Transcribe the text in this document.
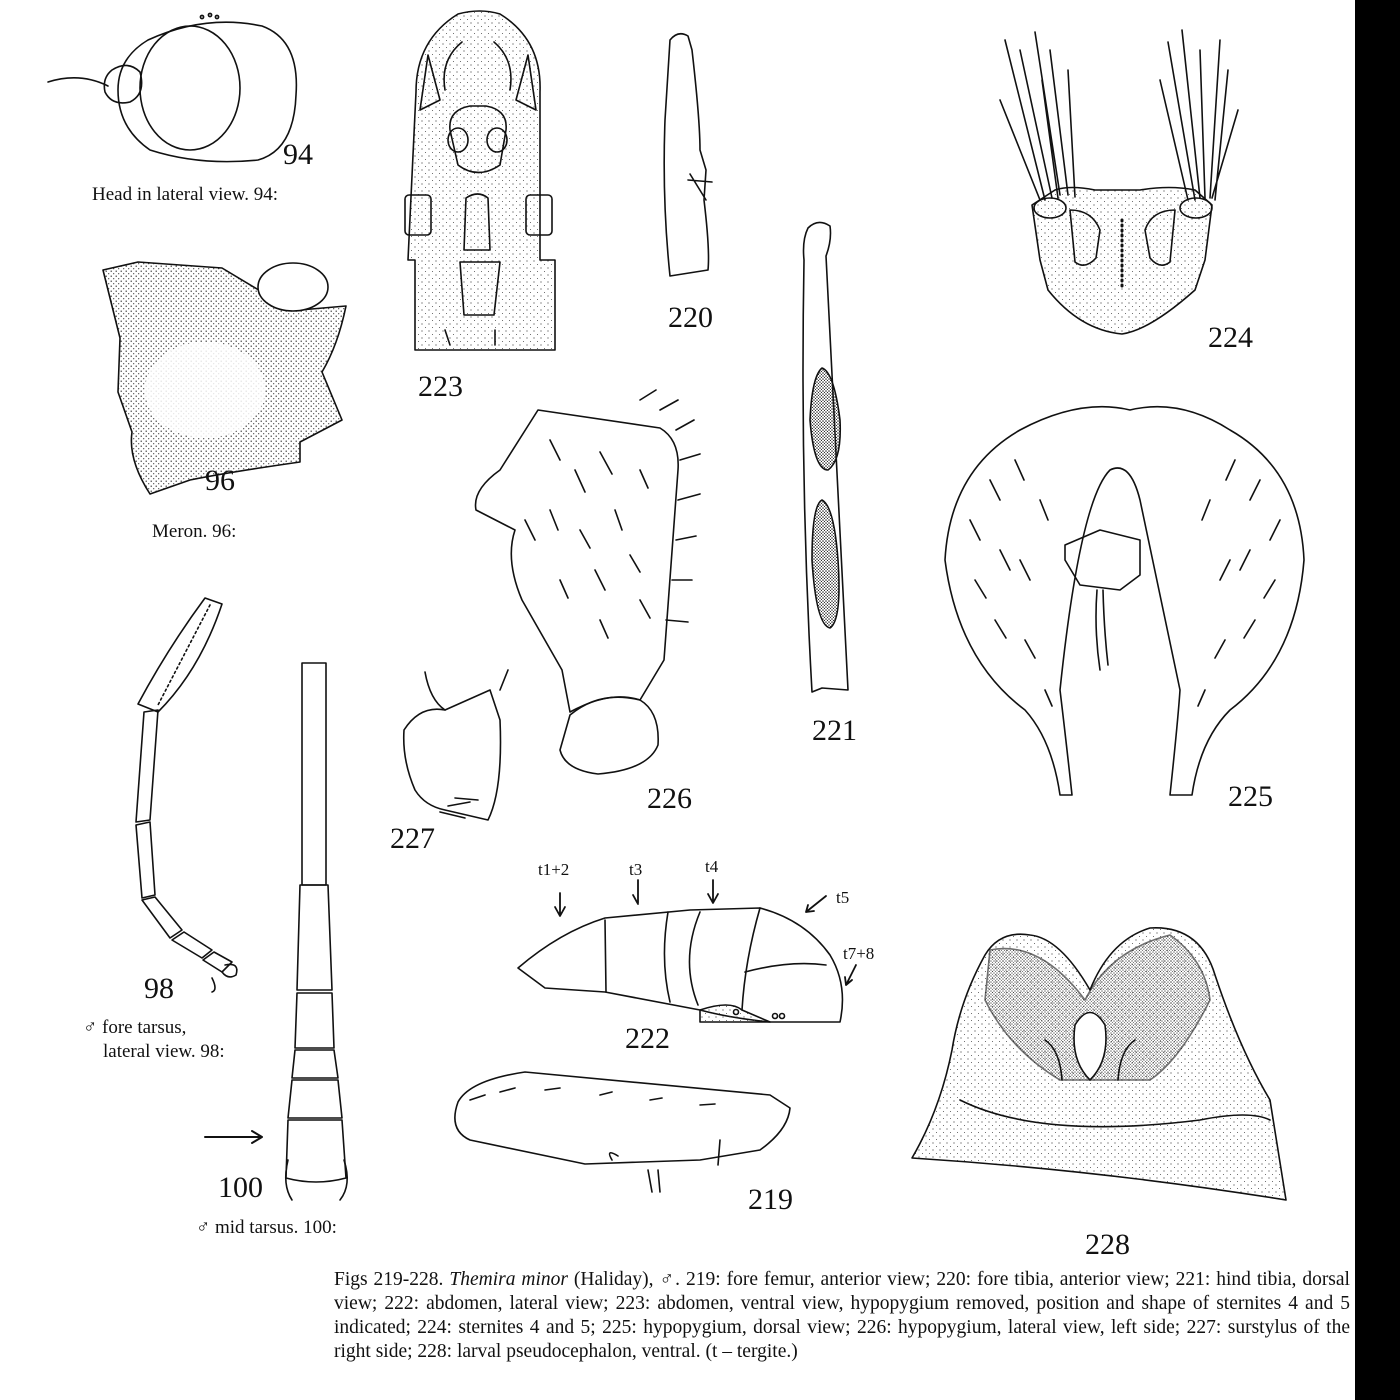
94
96
98
100	219
220
221
222
223
224
225
226
227
228
Head in lateral view. 94:
Meron. 96:
♂ fore tarsus,
lateral view. 98:
♂ mid tarsus. 100:
t1+2	t3	t4
t5
t7+8
Figs 219-228. Themira minor (Haliday), ♂. 219: fore femur, anterior view; 220: fore tibia, anterior view; 221: hind tibia, dorsal view; 222: abdomen, lateral view; 223: abdomen, ventral view, hypopygium removed, position and shape of sternites 4 and 5 indicated; 224: sternites 4 and 5; 225: hypopygium, dorsal view; 226: hypopygium, lateral view, left side; 227: surstylus of the right side; 228: larval pseudocephalon, ventral. (t – tergite.)
